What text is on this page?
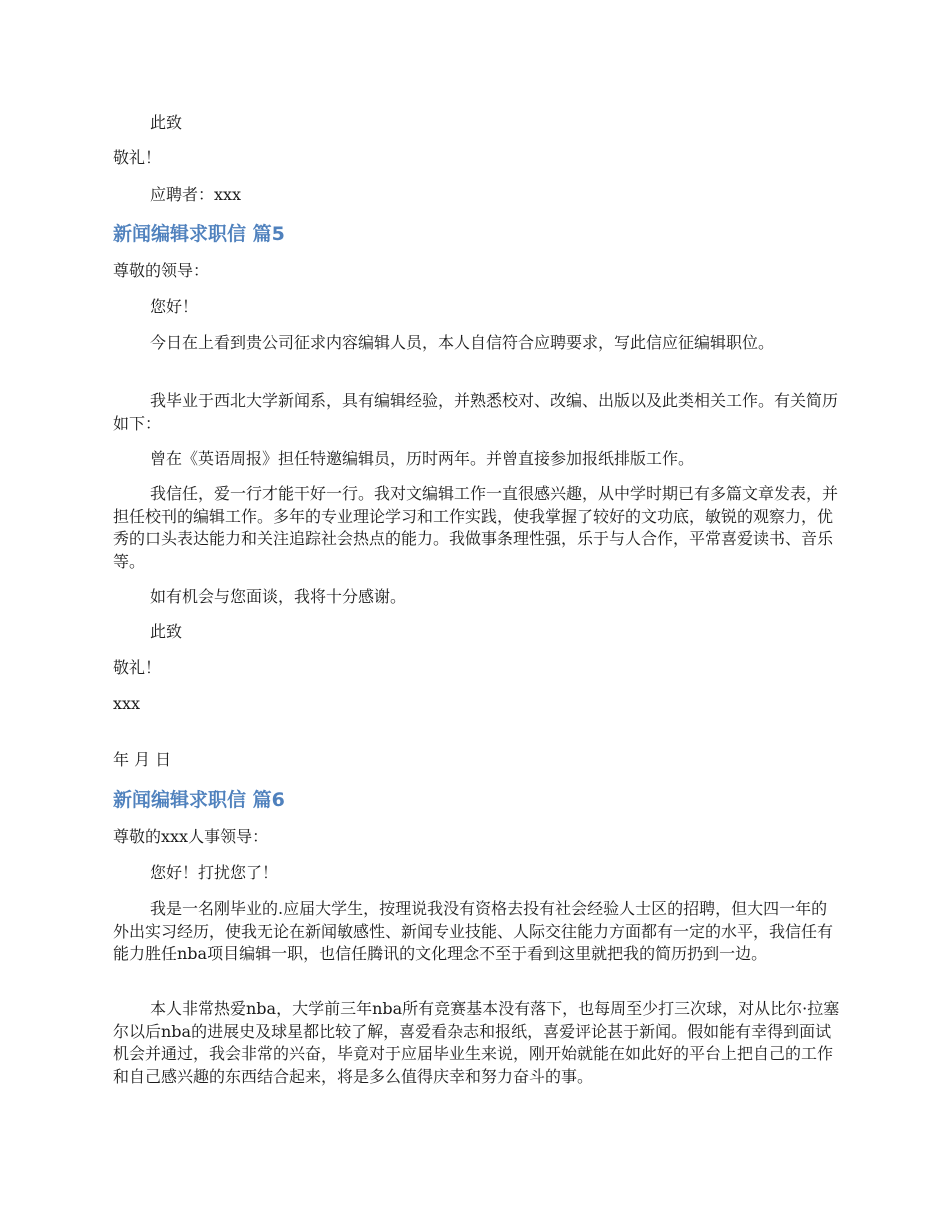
此致

敬礼！

应聘者：xxx

新闻编辑求职信 篇5

尊敬的领导：

您好！

今日在上看到贵公司征求内容编辑人员，本人自信符合应聘要求，写此信应征编辑职位。

我毕业于西北大学新闻系，具有编辑经验，并熟悉校对、改编、出版以及此类相关工作。有关简历如下：

曾在《英语周报》担任特邀编辑员，历时两年。并曾直接参加报纸排版工作。

我信任，爱一行才能干好一行。我对文编辑工作一直很感兴趣，从中学时期已有多篇文章发表，并担任校刊的编辑工作。多年的专业理论学习和工作实践，使我掌握了较好的文功底，敏锐的观察力，优秀的口头表达能力和关注追踪社会热点的能力。我做事条理性强，乐于与人合作，平常喜爱读书、音乐等。

如有机会与您面谈，我将十分感谢。

此致

敬礼！

xxx

年 月 日

新闻编辑求职信 篇6

尊敬的xxx人事领导：

您好！打扰您了！

我是一名刚毕业的.应届大学生，按理说我没有资格去投有社会经验人士区的招聘，但大四一年的外出实习经历，使我无论在新闻敏感性、新闻专业技能、人际交往能力方面都有一定的水平，我信任有能力胜任nba项目编辑一职，也信任腾讯的文化理念不至于看到这里就把我的简历扔到一边。

本人非常热爱nba，大学前三年nba所有竞赛基本没有落下，也每周至少打三次球，对从比尔·拉塞尔以后nba的进展史及球星都比较了解，喜爱看杂志和报纸，喜爱评论甚于新闻。假如能有幸得到面试机会并通过，我会非常的兴奋，毕竟对于应届毕业生来说，刚开始就能在如此好的平台上把自己的工作和自己感兴趣的东西结合起来，将是多么值得庆幸和努力奋斗的事。
